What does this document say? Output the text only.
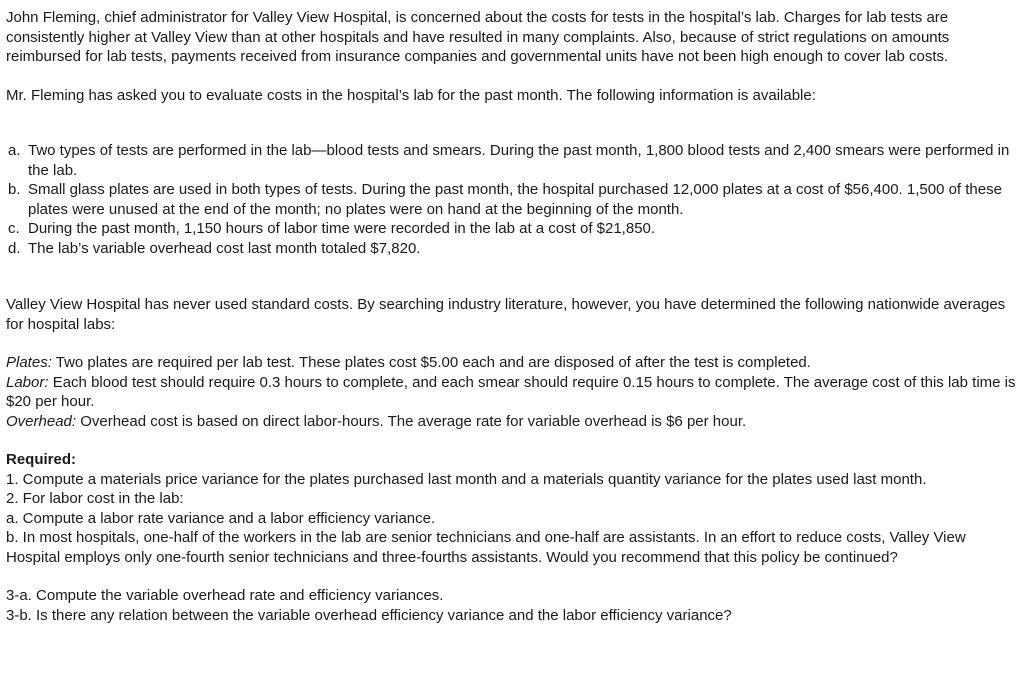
John Fleming, chief administrator for Valley View Hospital, is concerned about the costs for tests in the hospital’s lab. Charges for lab tests are consistently higher at Valley View than at other hospitals and have resulted in many complaints. Also, because of strict regulations on amounts reimbursed for lab tests, payments received from insurance companies and governmental units have not been high enough to cover lab costs.

Mr. Fleming has asked you to evaluate costs in the hospital’s lab for the past month. The following information is available:

a. Two types of tests are performed in the lab—blood tests and smears. During the past month, 1,800 blood tests and 2,400 smears were performed in the lab.
b. Small glass plates are used in both types of tests. During the past month, the hospital purchased 12,000 plates at a cost of $56,400. 1,500 of these plates were unused at the end of the month; no plates were on hand at the beginning of the month.
c. During the past month, 1,150 hours of labor time were recorded in the lab at a cost of $21,850.
d. The lab’s variable overhead cost last month totaled $7,820.

Valley View Hospital has never used standard costs. By searching industry literature, however, you have determined the following nationwide averages for hospital labs:

Plates: Two plates are required per lab test. These plates cost $5.00 each and are disposed of after the test is completed.

Labor: Each blood test should require 0.3 hours to complete, and each smear should require 0.15 hours to complete. The average cost of this lab time is $20 per hour.

Overhead: Overhead cost is based on direct labor-hours. The average rate for variable overhead is $6 per hour.

Required:

1. Compute a materials price variance for the plates purchased last month and a materials quantity variance for the plates used last month.

2. For labor cost in the lab:

a. Compute a labor rate variance and a labor efficiency variance.

b. In most hospitals, one-half of the workers in the lab are senior technicians and one-half are assistants. In an effort to reduce costs, Valley View Hospital employs only one-fourth senior technicians and three-fourths assistants. Would you recommend that this policy be continued?

3-a. Compute the variable overhead rate and efficiency variances.

3-b. Is there any relation between the variable overhead efficiency variance and the labor efficiency variance?
